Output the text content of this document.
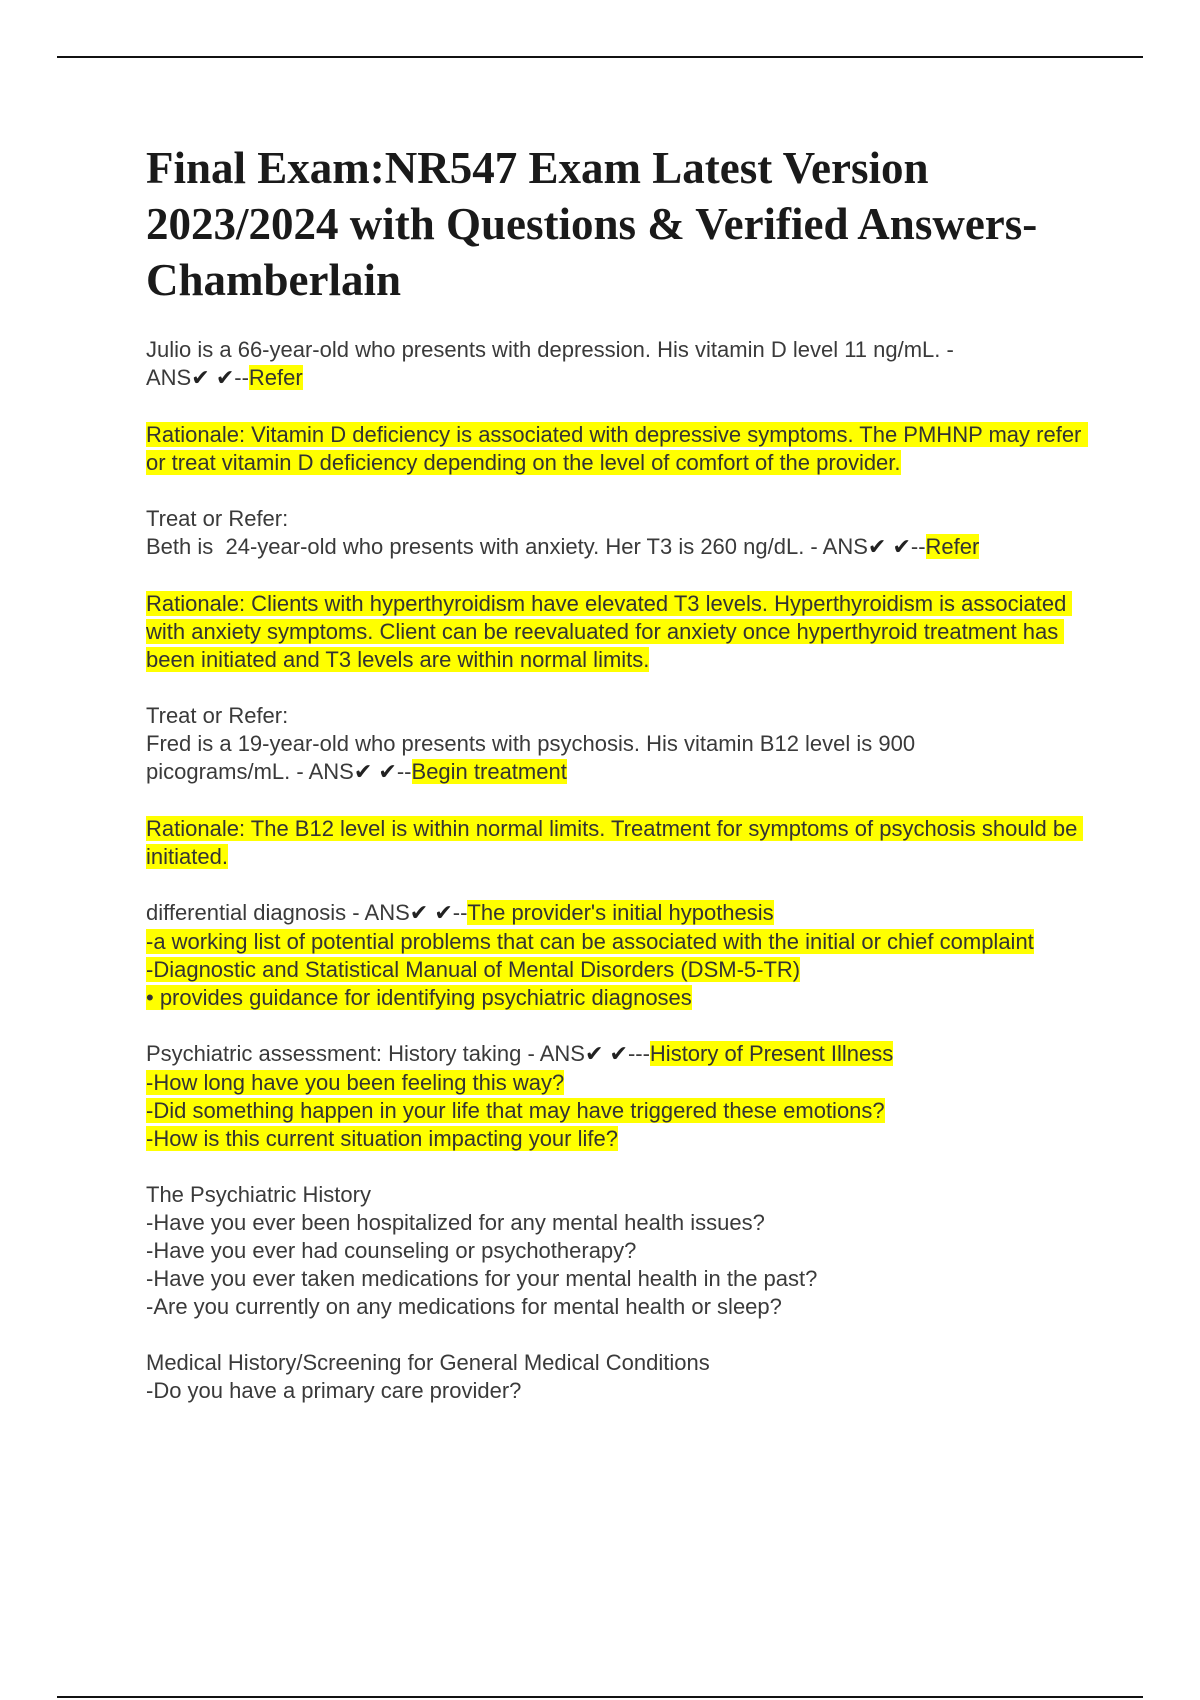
Final Exam:NR547 Exam Latest Version 2023/2024 with Questions & Verified Answers- Chamberlain
Julio is a 66-year-old who presents with depression. His vitamin D level 11 ng/mL. -
ANS✔ ✔--Refer
Rationale: Vitamin D deficiency is associated with depressive symptoms. The PMHNP may refer or treat vitamin D deficiency depending on the level of comfort of the provider.
Treat or Refer:
Beth is  24-year-old who presents with anxiety. Her T3 is 260 ng/dL. - ANS✔ ✔--Refer
Rationale: Clients with hyperthyroidism have elevated T3 levels. Hyperthyroidism is associated with anxiety symptoms. Client can be reevaluated for anxiety once hyperthyroid treatment has been initiated and T3 levels are within normal limits.
Treat or Refer:
Fred is a 19-year-old who presents with psychosis. His vitamin B12 level is 900
picograms/mL. - ANS✔ ✔--Begin treatment
Rationale: The B12 level is within normal limits. Treatment for symptoms of psychosis should be initiated.
differential diagnosis - ANS✔ ✔--The provider's initial hypothesis
-a working list of potential problems that can be associated with the initial or chief complaint
-Diagnostic and Statistical Manual of Mental Disorders (DSM-5-TR)
• provides guidance for identifying psychiatric diagnoses
Psychiatric assessment: History taking - ANS✔ ✔---History of Present Illness
-How long have you been feeling this way?
-Did something happen in your life that may have triggered these emotions?
-How is this current situation impacting your life?
The Psychiatric History
-Have you ever been hospitalized for any mental health issues?
-Have you ever had counseling or psychotherapy?
-Have you ever taken medications for your mental health in the past?
-Are you currently on any medications for mental health or sleep?
Medical History/Screening for General Medical Conditions
-Do you have a primary care provider?
